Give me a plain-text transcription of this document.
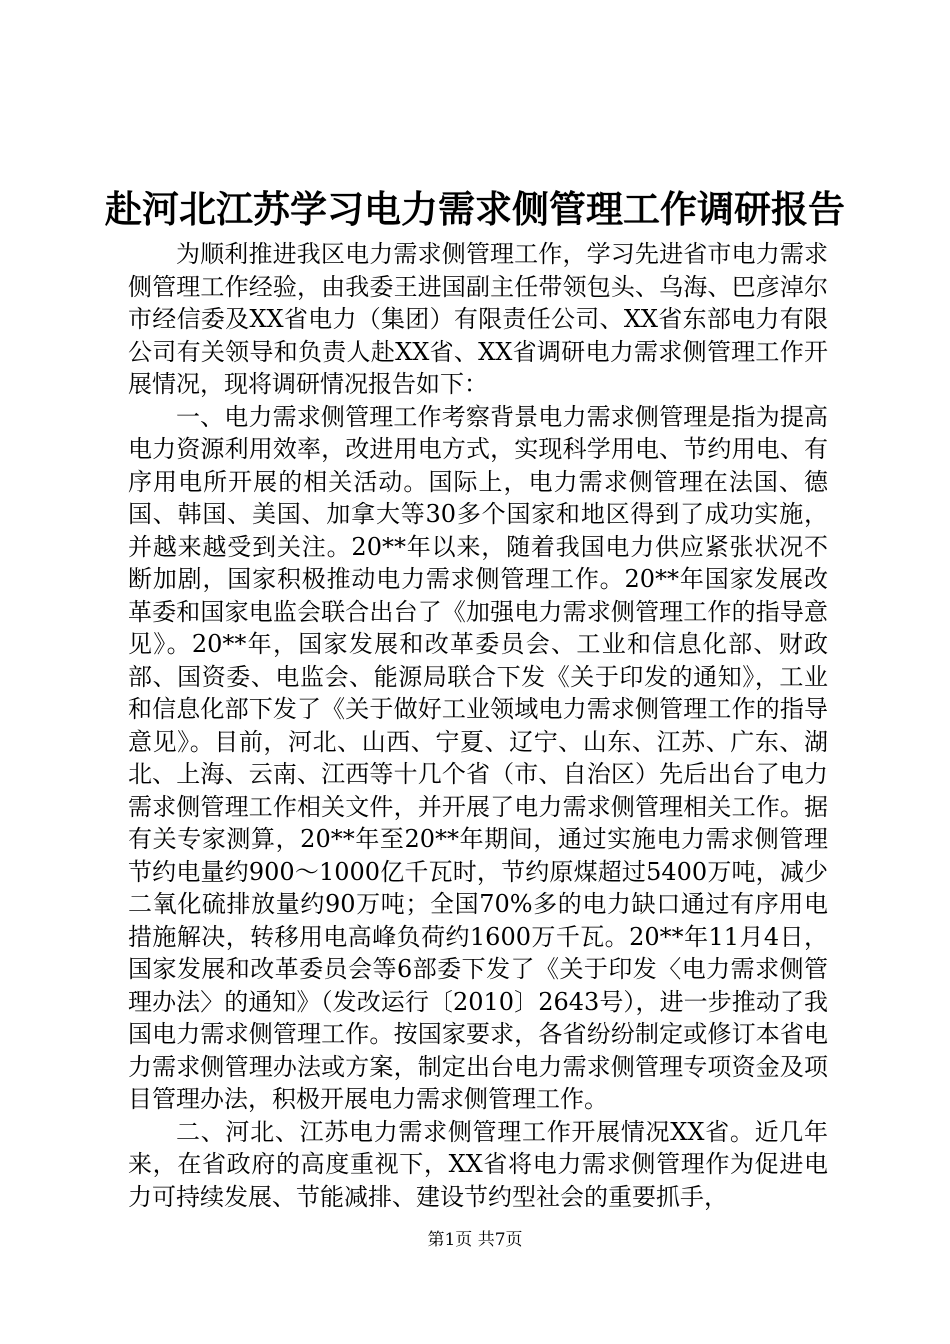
赴河北江苏学习电力需求侧管理工作调研报告

为顺利推进我区电力需求侧管理工作，学习先进省市电力需求侧管理工作经验，由我委王进国副主任带领包头、乌海、巴彦淖尔市经信委及XX省电力（集团）有限责任公司、XX省东部电力有限公司有关领导和负责人赴XX省、XX省调研电力需求侧管理工作开展情况，现将调研情况报告如下：

一、电力需求侧管理工作考察背景电力需求侧管理是指为提高电力资源利用效率，改进用电方式，实现科学用电、节约用电、有序用电所开展的相关活动。国际上，电力需求侧管理在法国、德国、韩国、美国、加拿大等30多个国家和地区得到了成功实施，并越来越受到关注。20**年以来，随着我国电力供应紧张状况不断加剧，国家积极推动电力需求侧管理工作。20**年国家发展改革委和国家电监会联合出台了《加强电力需求侧管理工作的指导意见》。20**年，国家发展和改革委员会、工业和信息化部、财政部、国资委、电监会、能源局联合下发《关于印发的通知》，工业和信息化部下发了《关于做好工业领域电力需求侧管理工作的指导意见》。目前，河北、山西、宁夏、辽宁、山东、江苏、广东、湖北、上海、云南、江西等十几个省（市、自治区）先后出台了电力需求侧管理工作相关文件，并开展了电力需求侧管理相关工作。据有关专家测算，20**年至20**年期间，通过实施电力需求侧管理节约电量约900～1000亿千瓦时，节约原煤超过5400万吨，减少二氧化硫排放量约90万吨；全国70%多的电力缺口通过有序用电措施解决，转移用电高峰负荷约1600万千瓦。20**年11月4日，国家发展和改革委员会等6部委下发了《关于印发〈电力需求侧管理办法〉的通知》（发改运行〔2010〕2643号），进一步推动了我国电力需求侧管理工作。按国家要求，各省纷纷制定或修订本省电力需求侧管理办法或方案，制定出台电力需求侧管理专项资金及项目管理办法，积极开展电力需求侧管理工作。

二、河北、江苏电力需求侧管理工作开展情况XX省。近几年来，在省政府的高度重视下，XX省将电力需求侧管理作为促进电力可持续发展、节能减排、建设节约型社会的重要抓手，

第1页 共7页
